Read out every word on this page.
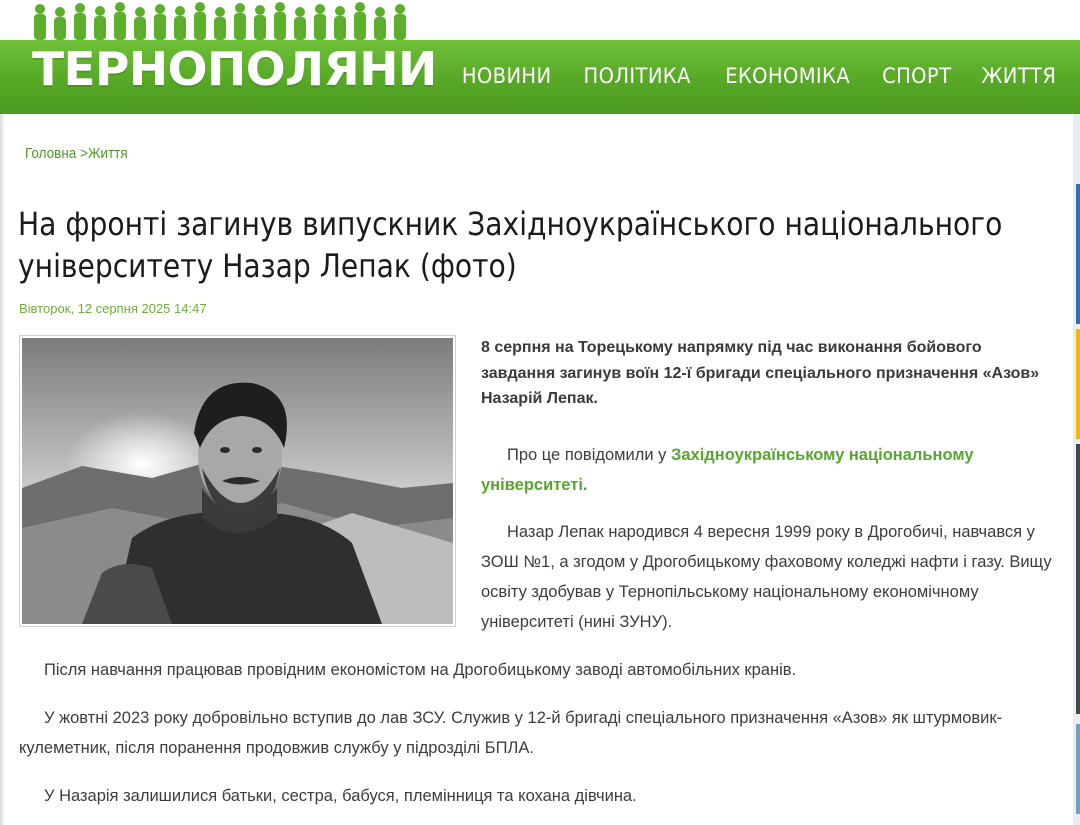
ТЕРНОПОЛЯНИ	НОВИНИ	ПОЛІТИКА	ЕКОНОМІКА	СПОРТ	ЖИТТЯ
Головна >Життя
На фронті загинув випускник Західноукраїнського національного університету Назар Лепак (фото)
Вівторок, 12 серпня 2025 14:47
8 серпня на Торецькому напрямку під час виконання бойового завдання загинув воїн 12-ї бригади спеціального призначення «Азов» Назарій Лепак.
Про це повідомили у Західноукраїнському національному університеті.
Назар Лепак народився 4 вересня 1999 року в Дрогобичі, навчався у ЗОШ №1, а згодом у Дрогобицькому фаховому коледжі нафти і газу. Вищу освіту здобував у Тернопільському національному економічному університеті (нині ЗУНУ).
Після навчання працював провідним економістом на Дрогобицькому заводі автомобільних кранів.
У жовтні 2023 року добровільно вступив до лав ЗСУ. Служив у 12-й бригаді спеціального призначення «Азов» як штурмовик-кулеметник, після поранення продовжив службу у підрозділі БПЛА.
У Назарія залишилися батьки, сестра, бабуся, племінниця та кохана дівчина.
